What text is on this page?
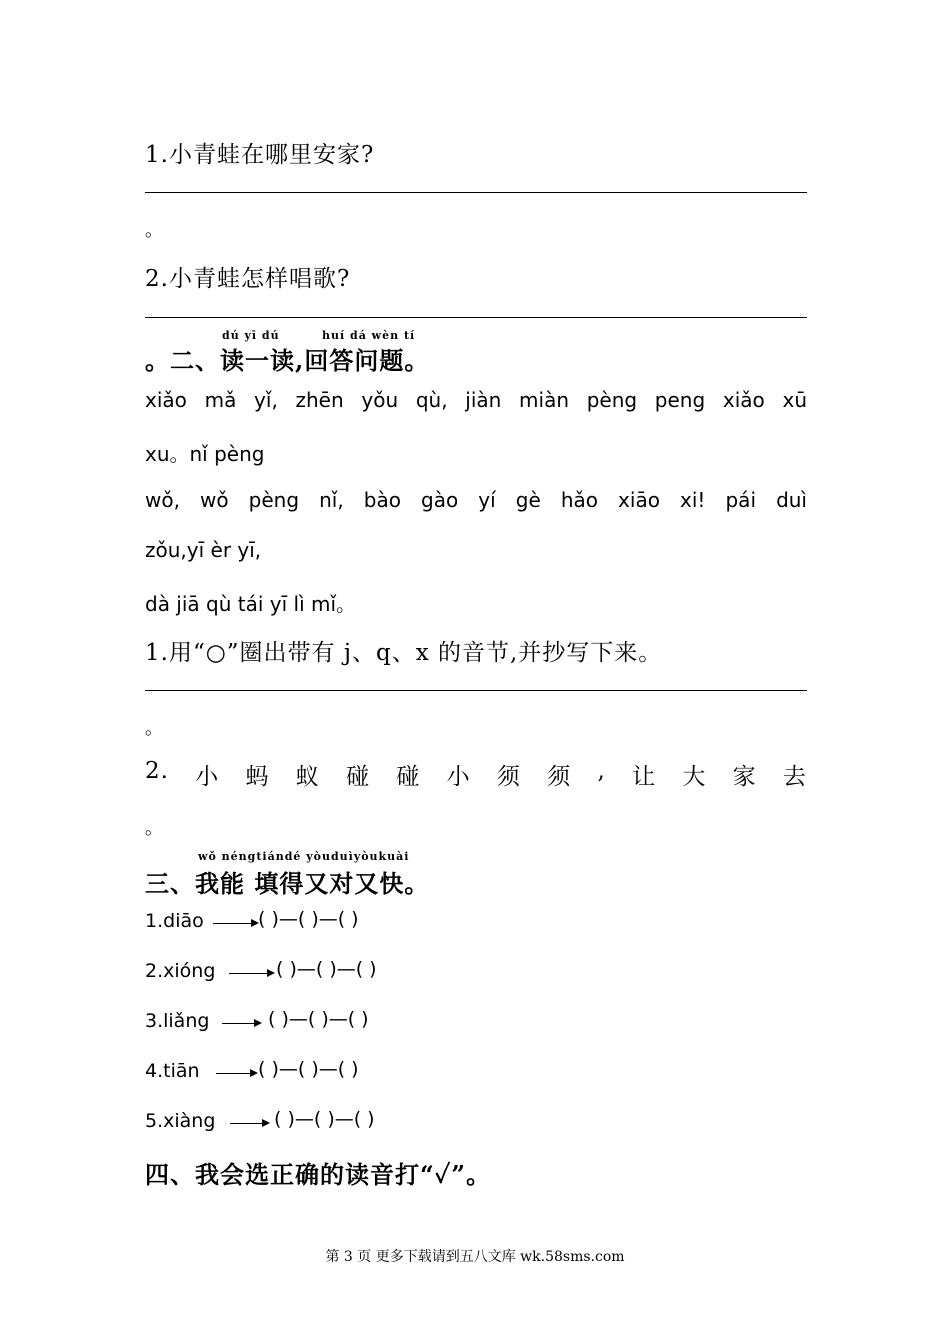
1.小青蛙在哪里安家?
。
2.小青蛙怎样唱歌?
dú yī dú	huí dá wèn tí
。二、读一读,回答问题。
xiǎo mǎ yǐ, zhēn yǒu qù, jiàn miàn pèng peng xiǎo xū
xu。nǐ pèng
wǒ, wǒ pèng nǐ, bào gào yí gè hǎo xiāo xi! pái duì
zǒu,yī èr yī,
dà jiā qù tái yī lì mǐ。
1.用“○”圈出带有 j、q、x 的音节,并抄写下来。
。
2. 小 蚂 蚁 碰 碰 小 须 须 , 让 大 家 去
。
wǒ néngtiándé yòuduìyòukuài
三、我能 填得又对又快。
1.diāo	( )—( )—( )
2.xióng	( )—( )—( )
3.liǎng	( )—( )—( )
4.tiān	( )—( )—( )
5.xiàng	( )—( )—( )
四、我会选正确的读音打“✓”。
第 3 页 更多下载请到五八文库 wk.58sms.com
